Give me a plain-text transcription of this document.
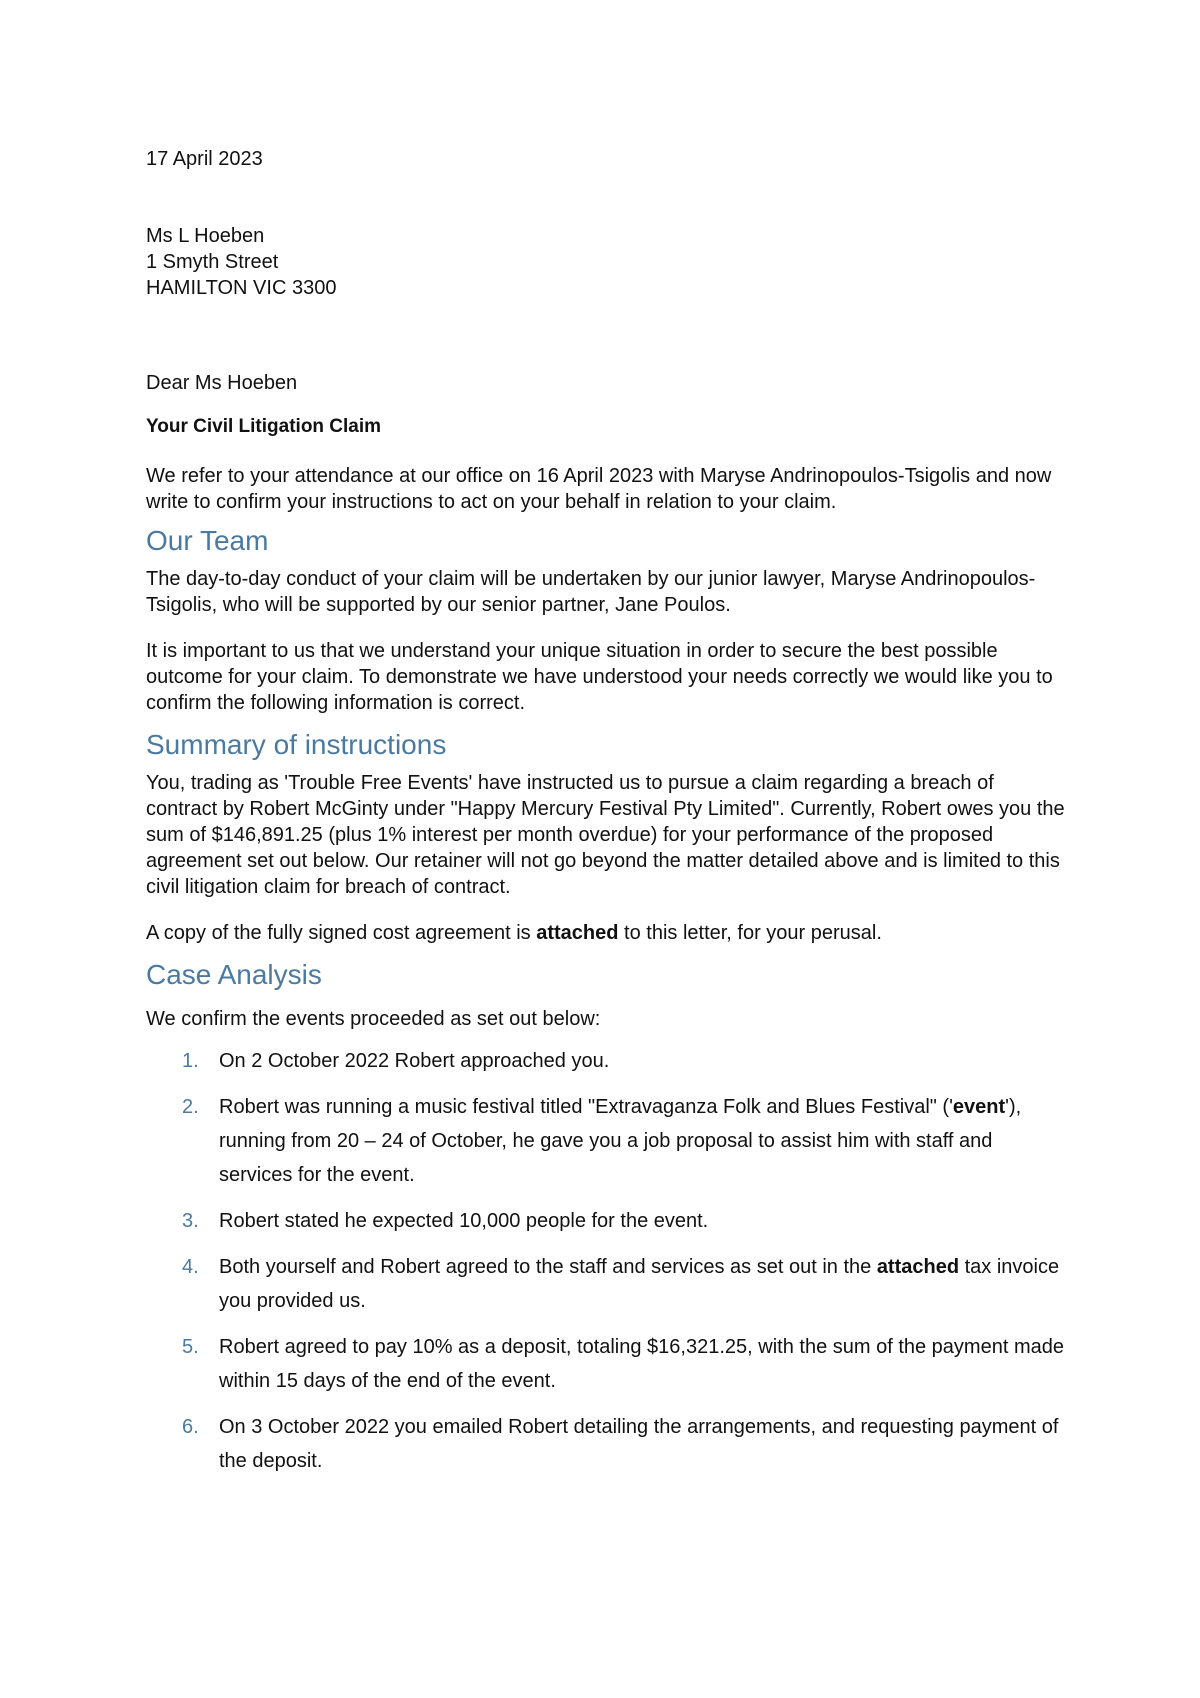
17 April 2023

Ms L Hoeben
1 Smyth Street
HAMILTON VIC 3300

Dear Ms Hoeben

Your Civil Litigation Claim

We refer to your attendance at our office on 16 April 2023 with Maryse Andrinopoulos-Tsigolis and now write to confirm your instructions to act on your behalf in relation to your claim.

Our Team

The day-to-day conduct of your claim will be undertaken by our junior lawyer, Maryse Andrinopoulos-Tsigolis, who will be supported by our senior partner, Jane Poulos.

It is important to us that we understand your unique situation in order to secure the best possible outcome for your claim. To demonstrate we have understood your needs correctly we would like you to confirm the following information is correct.

Summary of instructions

You, trading as 'Trouble Free Events' have instructed us to pursue a claim regarding a breach of contract by Robert McGinty under "Happy Mercury Festival Pty Limited". Currently, Robert owes you the sum of $146,891.25 (plus 1% interest per month overdue) for your performance of the proposed agreement set out below. Our retainer will not go beyond the matter detailed above and is limited to this civil litigation claim for breach of contract.

A copy of the fully signed cost agreement is attached to this letter, for your perusal.

Case Analysis

We confirm the events proceeded as set out below:

1. On 2 October 2022 Robert approached you.
2. Robert was running a music festival titled "Extravaganza Folk and Blues Festival" ('event'), running from 20 – 24 of October, he gave you a job proposal to assist him with staff and services for the event.
3. Robert stated he expected 10,000 people for the event.
4. Both yourself and Robert agreed to the staff and services as set out in the attached tax invoice you provided us.
5. Robert agreed to pay 10% as a deposit, totaling $16,321.25, with the sum of the payment made within 15 days of the end of the event.
6. On 3 October 2022 you emailed Robert detailing the arrangements, and requesting payment of the deposit.
